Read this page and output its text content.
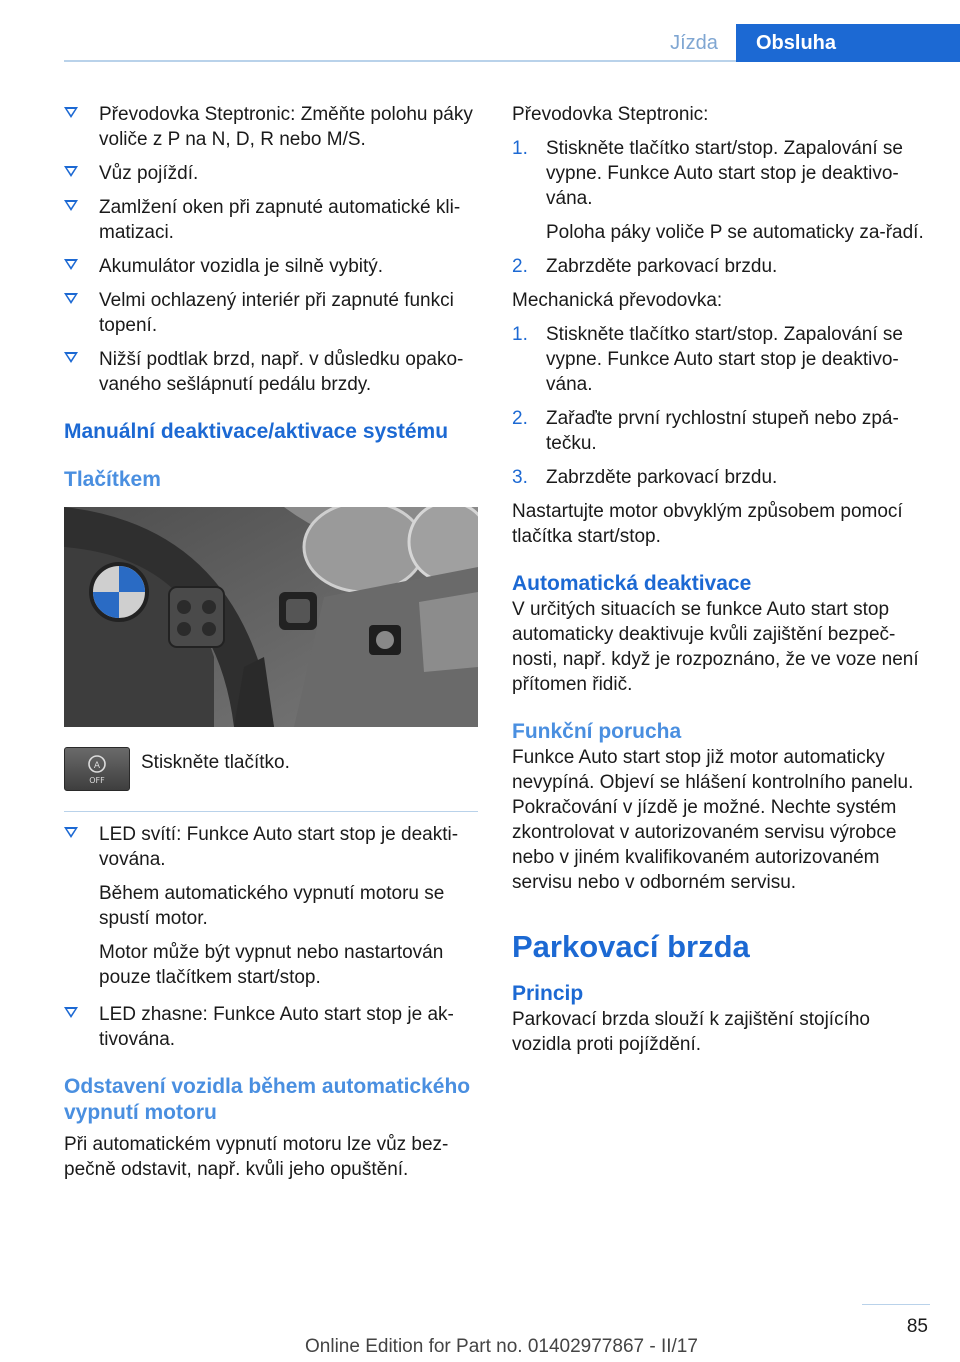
Jízda	Obsluha
Převodovka Steptronic: Změňte polohu páky voliče z P na N, D, R nebo M/S.
Vůz pojíždí.
Zamlžení oken při zapnuté automatické kli‐matizaci.
Akumulátor vozidla je silně vybitý.
Velmi ochlazený interiér při zapnuté funkci topení.
Nižší podtlak brzd, např. v důsledku opako‐vaného sešlápnutí pedálu brzdy.
Manuální deaktivace/aktivace systému
Tlačítkem
A
OFF
Stiskněte tlačítko.
LED svítí: Funkce Auto start stop je deakti‐vována.
Během automatického vypnutí motoru se spustí motor.
Motor může být vypnut nebo nastartován pouze tlačítkem start/stop.
LED zhasne: Funkce Auto start stop je ak‐tivována.
Odstavení vozidla během automatického vypnutí motoru
Při automatickém vypnutí motoru lze vůz bez‐pečně odstavit, např. kvůli jeho opuštění.
Převodovka Steptronic:
1. Stiskněte tlačítko start/stop. Zapalování se vypne. Funkce Auto start stop je deaktivo‐vána.
Poloha páky voliče P se automaticky za‐řadí.
2. Zabrzděte parkovací brzdu.
Mechanická převodovka:
1. Stiskněte tlačítko start/stop. Zapalování se vypne. Funkce Auto start stop je deaktivo‐vána.
2. Zařaďte první rychlostní stupeň nebo zpá‐tečku.
3. Zabrzděte parkovací brzdu.
Nastartujte motor obvyklým způsobem pomocí tlačítka start/stop.
Automatická deaktivace
V určitých situacích se funkce Auto start stop automaticky deaktivuje kvůli zajištění bezpeč‐nosti, např. když je rozpoznáno, že ve voze není přítomen řidič.
Funkční porucha
Funkce Auto start stop již motor automaticky nevypíná. Objeví se hlášení kontrolního panelu. Pokračování v jízdě je možné. Nechte systém zkontrolovat v autorizovaném servisu výrobce nebo v jiném kvalifikovaném autorizovaném servisu nebo v odborném servisu.
Parkovací brzda
Princip
Parkovací brzda slouží k zajištění stojícího vozidla proti pojíždění.
85
Online Edition for Part no. 01402977867 - II/17
